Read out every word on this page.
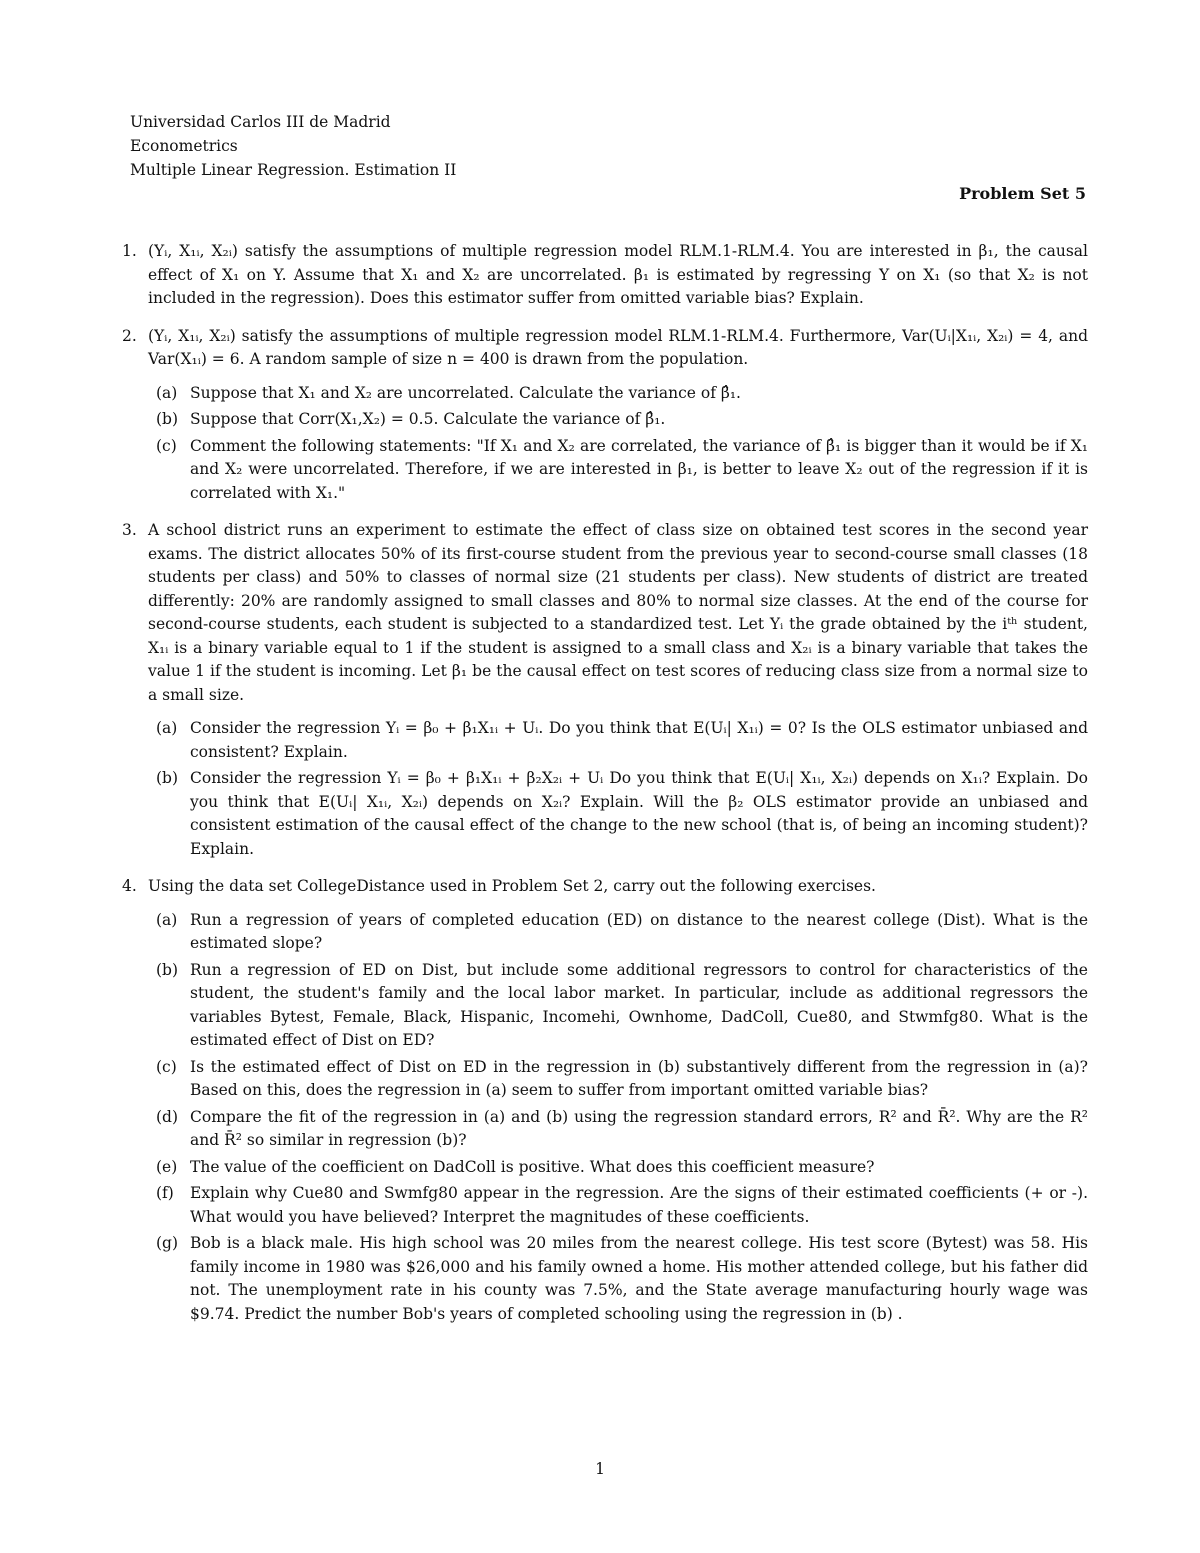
Universidad Carlos III de Madrid
Econometrics
Multiple Linear Regression. Estimation II
Problem Set 5
1. (Yᵢ, X₁ᵢ, X₂ᵢ) satisfy the assumptions of multiple regression model RLM.1-RLM.4. You are interested in β₁, the causal effect of X₁ on Y. Assume that X₁ and X₂ are uncorrelated. β₁ is estimated by regressing Y on X₁ (so that X₂ is not included in the regression). Does this estimator suffer from omitted variable bias? Explain.
2. (Yᵢ, X₁ᵢ, X₂ᵢ) satisfy the assumptions of multiple regression model RLM.1-RLM.4. Furthermore, Var(Uᵢ|X₁ᵢ, X₂ᵢ) = 4, and Var(X₁ᵢ) = 6. A random sample of size n = 400 is drawn from the population.
(a) Suppose that X₁ and X₂ are uncorrelated. Calculate the variance of β̂₁.
(b) Suppose that Corr(X₁,X₂) = 0.5. Calculate the variance of β̂₁.
(c) Comment the following statements: "If X₁ and X₂ are correlated, the variance of β̂₁ is bigger than it would be if X₁ and X₂ were uncorrelated. Therefore, if we are interested in β₁, is better to leave X₂ out of the regression if it is correlated with X₁."
3. A school district runs an experiment to estimate the effect of class size on obtained test scores in the second year exams. The district allocates 50% of its first-course student from the previous year to second-course small classes (18 students per class) and 50% to classes of normal size (21 students per class). New students of district are treated differently: 20% are randomly assigned to small classes and 80% to normal size classes. At the end of the course for second-course students, each student is subjected to a standardized test. Let Yᵢ the grade obtained by the iᵗʰ student, X₁ᵢ is a binary variable equal to 1 if the student is assigned to a small class and X₂ᵢ is a binary variable that takes the value 1 if the student is incoming. Let β₁ be the causal effect on test scores of reducing class size from a normal size to a small size.
(a) Consider the regression Yᵢ = β₀ + β₁X₁ᵢ + Uᵢ. Do you think that E(Uᵢ| X₁ᵢ) = 0? Is the OLS estimator unbiased and consistent? Explain.
(b) Consider the regression Yᵢ = β₀ + β₁X₁ᵢ + β₂X₂ᵢ + Uᵢ Do you think that E(Uᵢ| X₁ᵢ, X₂ᵢ) depends on X₁ᵢ? Explain. Do you think that E(Uᵢ| X₁ᵢ, X₂ᵢ) depends on X₂ᵢ? Explain. Will the β₂ OLS estimator provide an unbiased and consistent estimation of the causal effect of the change to the new school (that is, of being an incoming student)? Explain.
4. Using the data set CollegeDistance used in Problem Set 2, carry out the following exercises.
(a) Run a regression of years of completed education (ED) on distance to the nearest college (Dist). What is the estimated slope?
(b) Run a regression of ED on Dist, but include some additional regressors to control for characteristics of the student, the student's family and the local labor market. In particular, include as additional regressors the variables Bytest, Female, Black, Hispanic, Incomehi, Ownhome, DadColl, Cue80, and Stwmfg80. What is the estimated effect of Dist on ED?
(c) Is the estimated effect of Dist on ED in the regression in (b) substantively different from the regression in (a)? Based on this, does the regression in (a) seem to suffer from important omitted variable bias?
(d) Compare the fit of the regression in (a) and (b) using the regression standard errors, R² and R̄². Why are the R² and R̄² so similar in regression (b)?
(e) The value of the coefficient on DadColl is positive. What does this coefficient measure?
(f) Explain why Cue80 and Swmfg80 appear in the regression. Are the signs of their estimated coefficients (+ or -). What would you have believed? Interpret the magnitudes of these coefficients.
(g) Bob is a black male. His high school was 20 miles from the nearest college. His test score (Bytest) was 58. His family income in 1980 was $26,000 and his family owned a home. His mother attended college, but his father did not. The unemployment rate in his county was 7.5%, and the State average manufacturing hourly wage was $9.74. Predict the number Bob's years of completed schooling using the regression in (b) .
1
